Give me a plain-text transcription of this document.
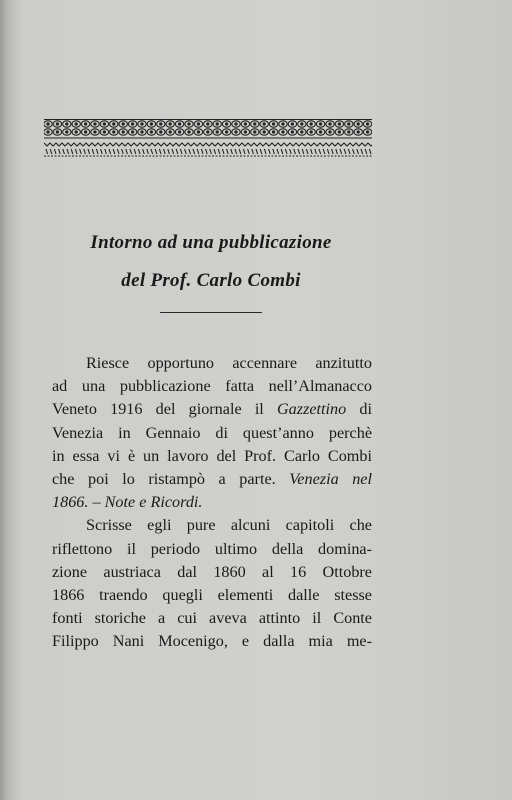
Intorno ad una pubblicazione
del Prof. Carlo Combi
Riesce opportuno accennare anzitutto
ad una pubblicazione fatta nell’Almanacco
Veneto 1916 del giornale il Gazzettino di
Venezia in Gennaio di quest’anno perchè
in essa vi è un lavoro del Prof. Carlo Combi
che poi lo ristampò a parte. Venezia nel
1866. – Note e Ricordi.
Scrisse egli pure alcuni capitoli che
riflettono il periodo ultimo della domina-
zione austriaca dal 1860 al 16 Ottobre
1866 traendo quegli elementi dalle stesse
fonti storiche a cui aveva attinto il Conte
Filippo Nani Mocenigo, e dalla mia me-
